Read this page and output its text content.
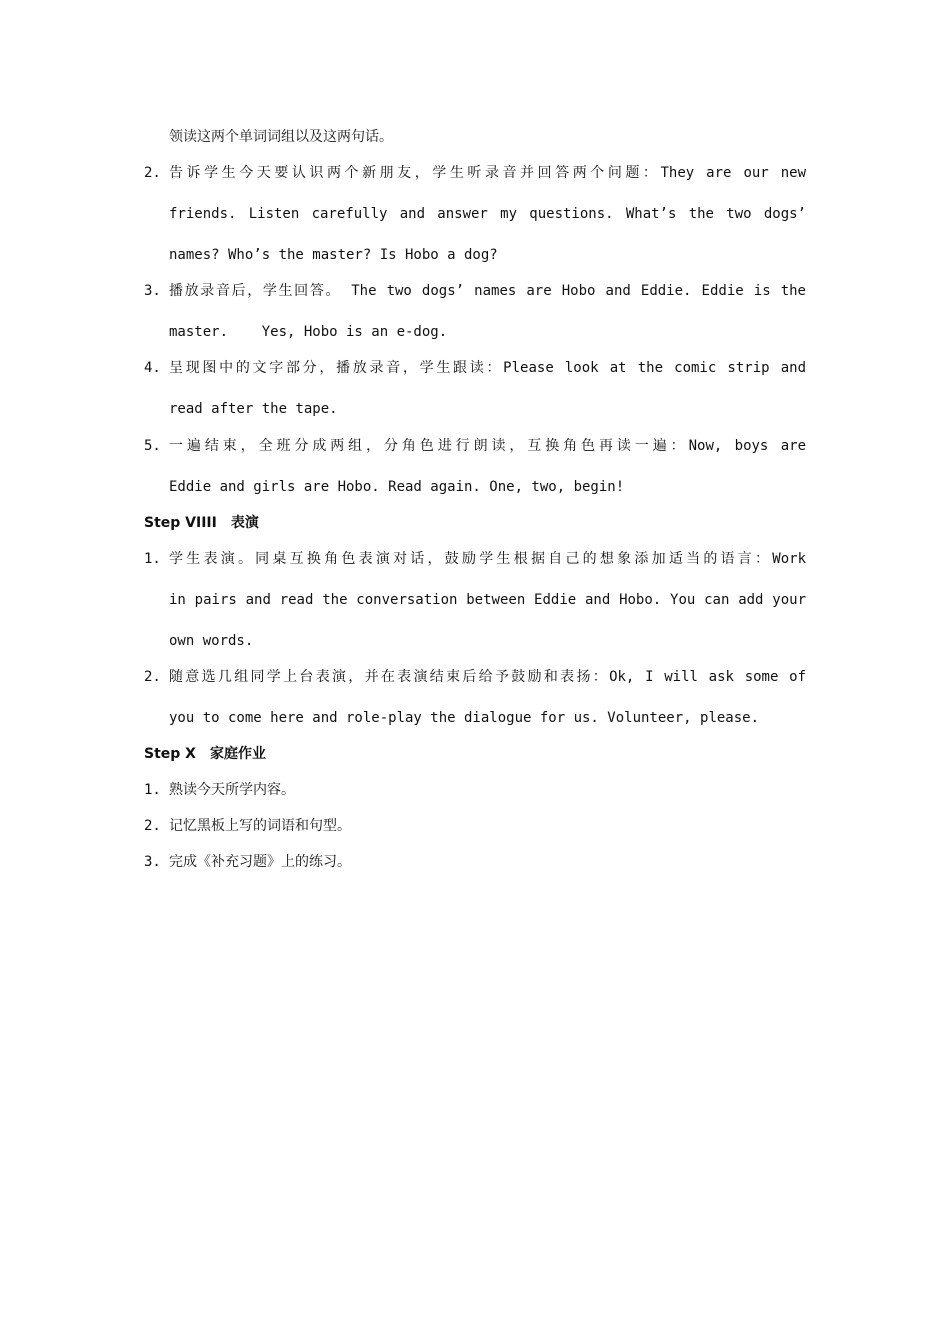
领读这两个单词词组以及这两句话。
2. 告诉学生今天要认识两个新朋友，学生听录音并回答两个问题：They are our new
friends. Listen carefully and answer my questions. What’s the two dogs’
names? Who’s the master? Is Hobo a dog?
3. 播放录音后，学生回答。 The two dogs’ names are Hobo and Eddie. Eddie is the
master.    Yes, Hobo is an e-dog.
4. 呈现图中的文字部分，播放录音，学生跟读：Please look at the comic strip and
read after the tape.
5. 一遍结束，全班分成两组，分角色进行朗读，互换角色再读一遍：Now, boys are
Eddie and girls are Hobo. Read again. One, two, begin!
Step VIIII 表演
1. 学生表演。同桌互换角色表演对话，鼓励学生根据自己的想象添加适当的语言：Work
in pairs and read the conversation between Eddie and Hobo. You can add your
own words.
2. 随意选几组同学上台表演，并在表演结束后给予鼓励和表扬：Ok, I will ask some of
you to come here and role-play the dialogue for us. Volunteer, please.
Step X 家庭作业
1. 熟读今天所学内容。
2. 记忆黑板上写的词语和句型。
3. 完成《补充习题》上的练习。
